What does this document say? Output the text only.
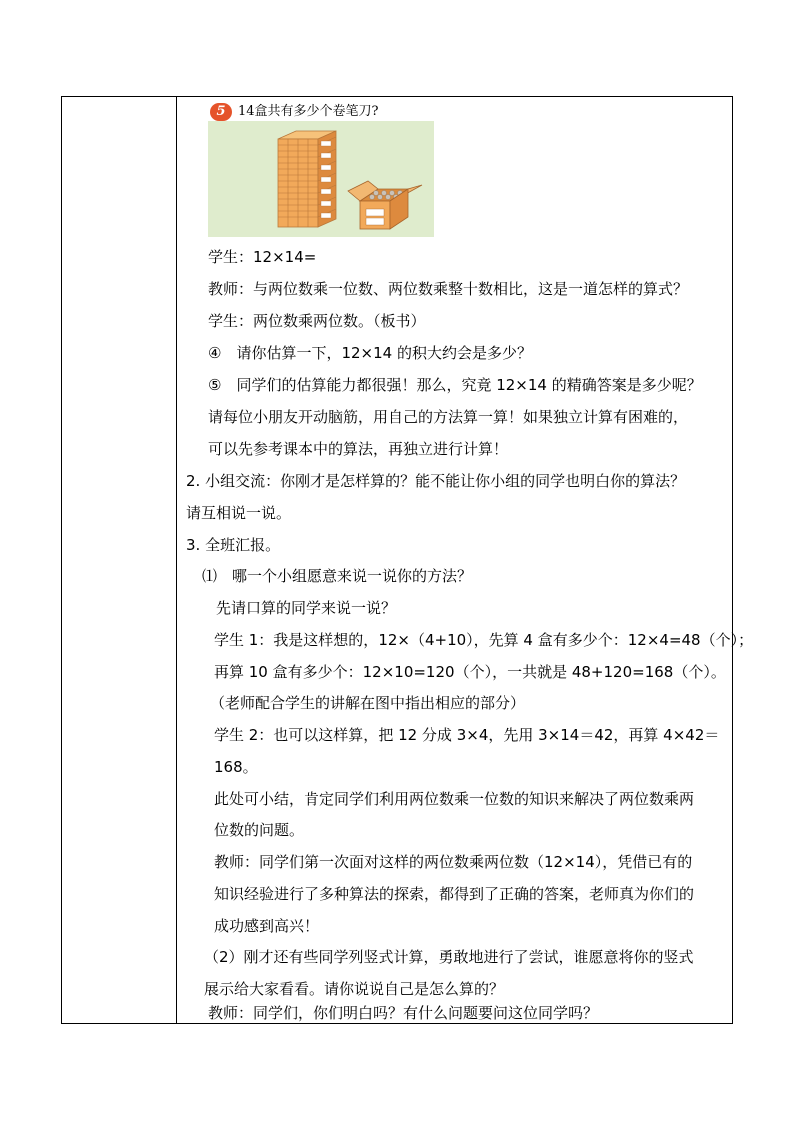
5 14盒共有多少个卷笔刀?
学生：12×14=
教师：与两位数乘一位数、两位数乘整十数相比，这是一道怎样的算式？
学生：两位数乘两位数。（板书）
④　请你估算一下，12×14 的积大约会是多少？
⑤　同学们的估算能力都很强！那么，究竟 12×14 的精确答案是多少呢？
请每位小朋友开动脑筋，用自己的方法算一算！如果独立计算有困难的，
可以先参考课本中的算法，再独立进行计算！
2. 小组交流：你刚才是怎样算的？能不能让你小组的同学也明白你的算法？
请互相说一说。
3. 全班汇报。
⑴　哪一个小组愿意来说一说你的方法？
先请口算的同学来说一说？
学生 1：我是这样想的，12×（4+10），先算 4 盒有多少个：12×4=48（个）；
再算 10 盒有多少个：12×10=120（个），一共就是 48+120=168（个）。
（老师配合学生的讲解在图中指出相应的部分）
学生 2：也可以这样算，把 12 分成 3×4，先用 3×14＝42，再算 4×42＝
168。
此处可小结，肯定同学们利用两位数乘一位数的知识来解决了两位数乘两
位数的问题。
教师：同学们第一次面对这样的两位数乘两位数（12×14），凭借已有的
知识经验进行了多种算法的探索，都得到了正确的答案，老师真为你们的
成功感到高兴！
（2）刚才还有些同学列竖式计算，勇敢地进行了尝试，谁愿意将你的竖式
展示给大家看看。请你说说自己是怎么算的？
教师：同学们，你们明白吗？有什么问题要问这位同学吗？
